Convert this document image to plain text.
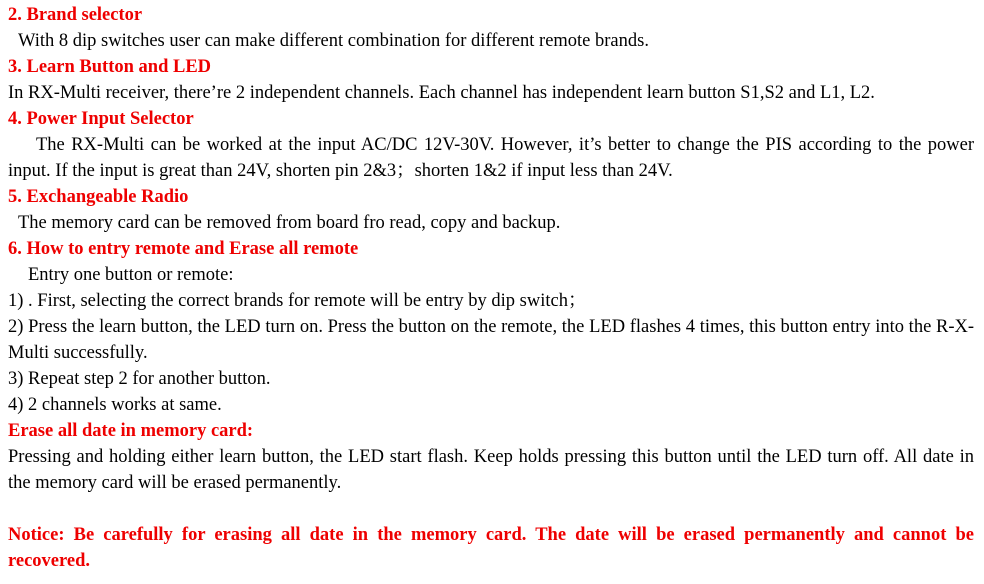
2. Brand selector
With 8 dip switches user can make different combination for different remote brands.
3. Learn Button and LED
In RX-Multi receiver, there’re 2 independent channels. Each channel has independent learn button S1,S2 and L1, L2.
4. Power Input Selector
The RX-Multi can be worked at the input AC/DC 12V-30V. However, it’s better to change the PIS according to the power input. If the input is great than 24V, shorten pin 2&3；shorten 1&2 if input less than 24V.
5. Exchangeable Radio
The memory card can be removed from board fro read, copy and backup.
6. How to entry remote and Erase all remote
Entry one button or remote:
1) . First, selecting the correct brands for remote will be entry by dip switch；
2) Press the learn button, the LED turn on. Press the button on the remote, the LED flashes 4 times, this button entry into the R-X-Multi successfully.
3) Repeat step 2 for another button.
4) 2 channels works at same.
Erase all date in memory card:
Pressing and holding either learn button, the LED start flash. Keep holds pressing this button until the LED turn off. All date in the memory card will be erased permanently.
Notice: Be carefully for erasing all date in the memory card. The date will be erased permanently and cannot be recovered.
